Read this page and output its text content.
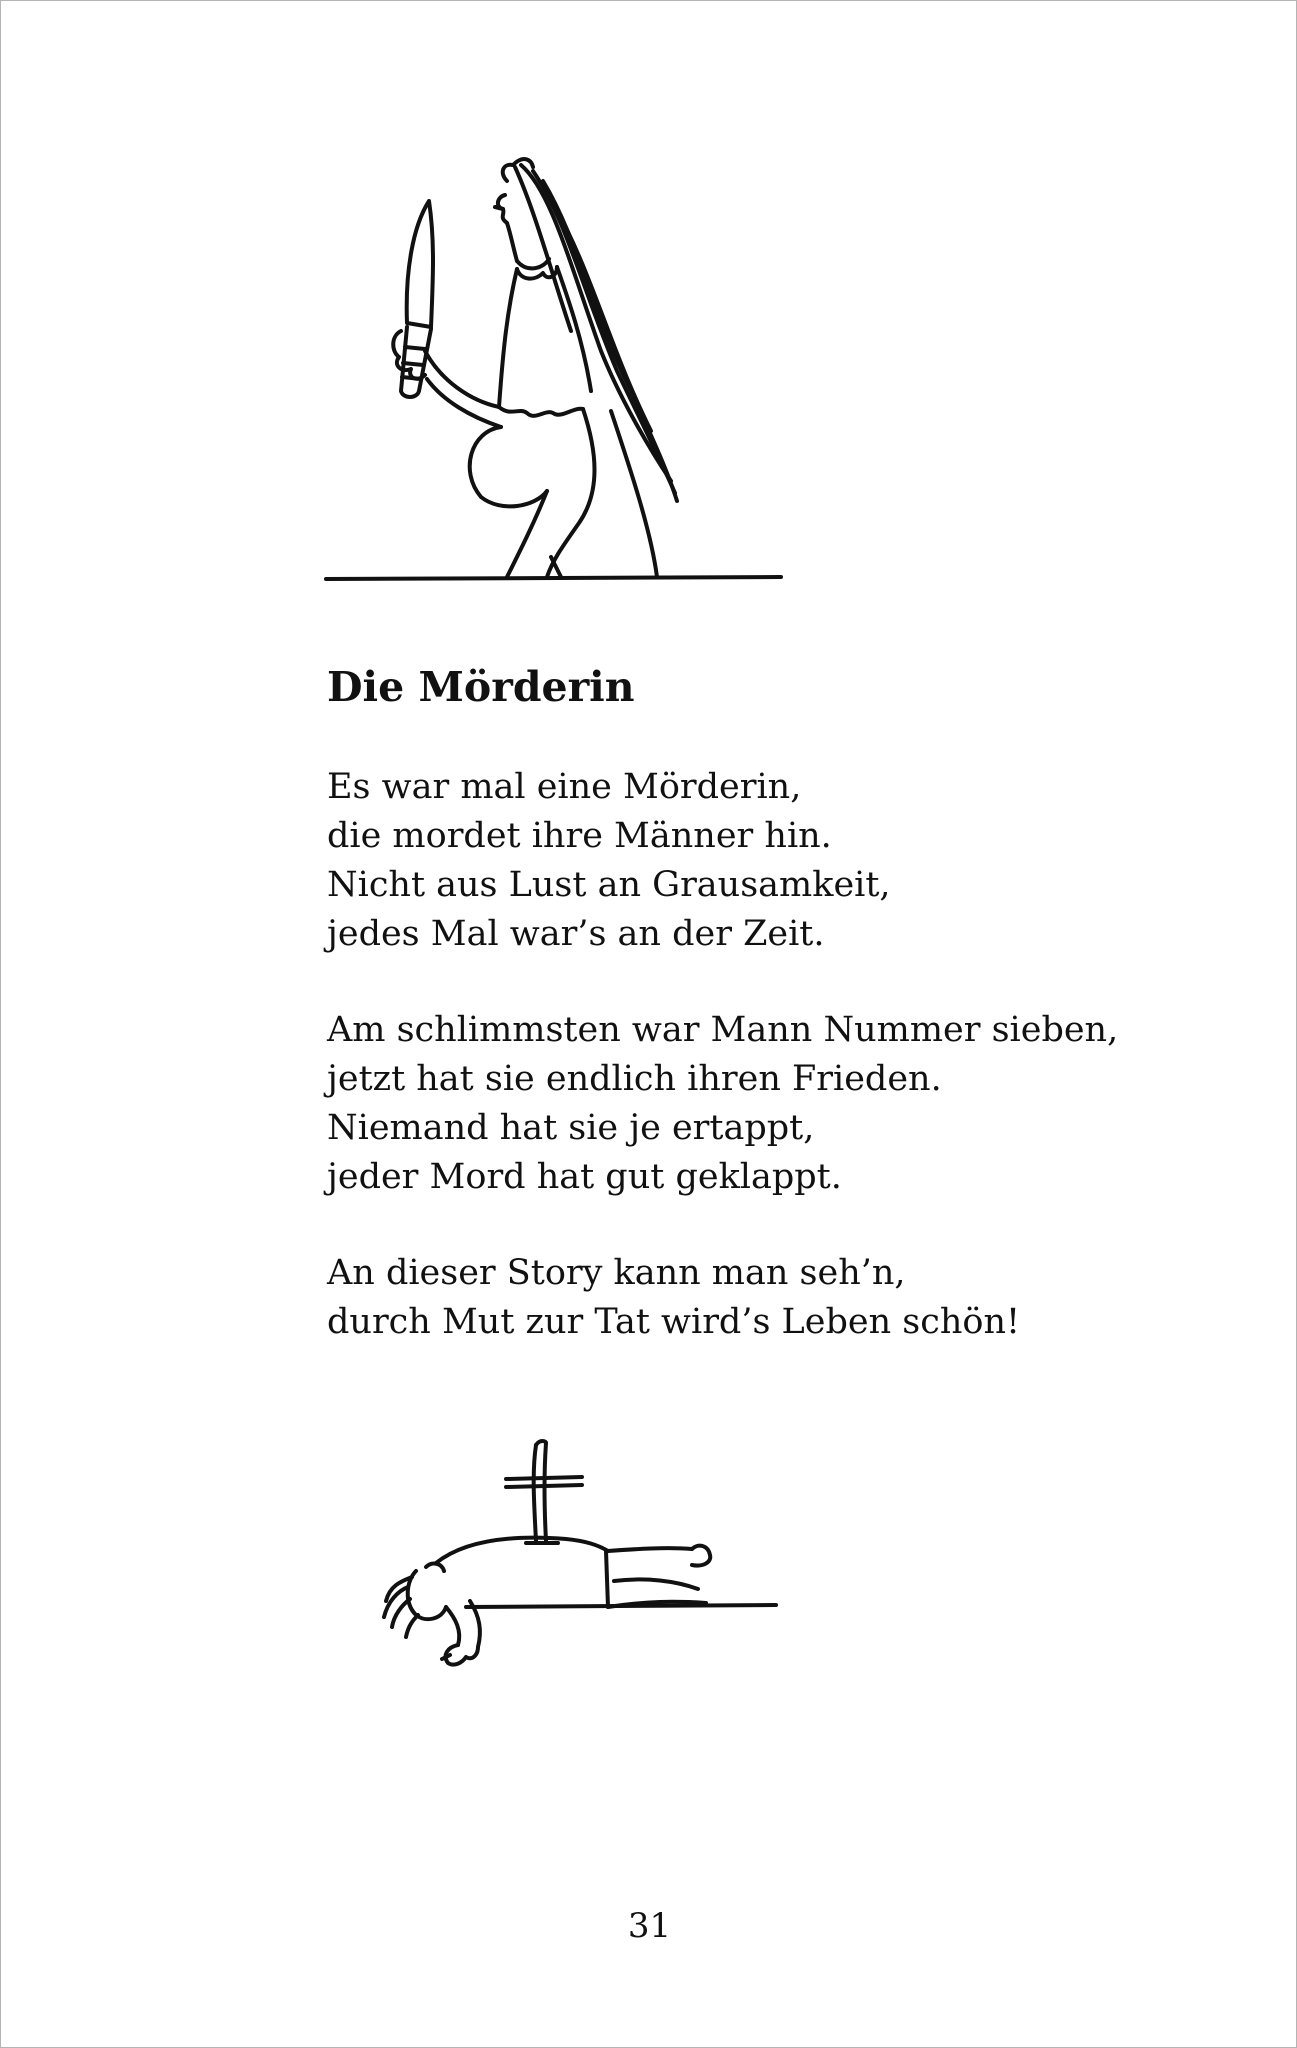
Die Mörderin
Es war mal eine Mörderin,
die mordet ihre Männer hin.
Nicht aus Lust an Grausamkeit,
jedes Mal war’s an der Zeit.
Am schlimmsten war Mann Nummer sieben,
jetzt hat sie endlich ihren Frieden.
Niemand hat sie je ertappt,
jeder Mord hat gut geklappt.
An dieser Story kann man seh’n,
durch Mut zur Tat wird’s Leben schön!
31
